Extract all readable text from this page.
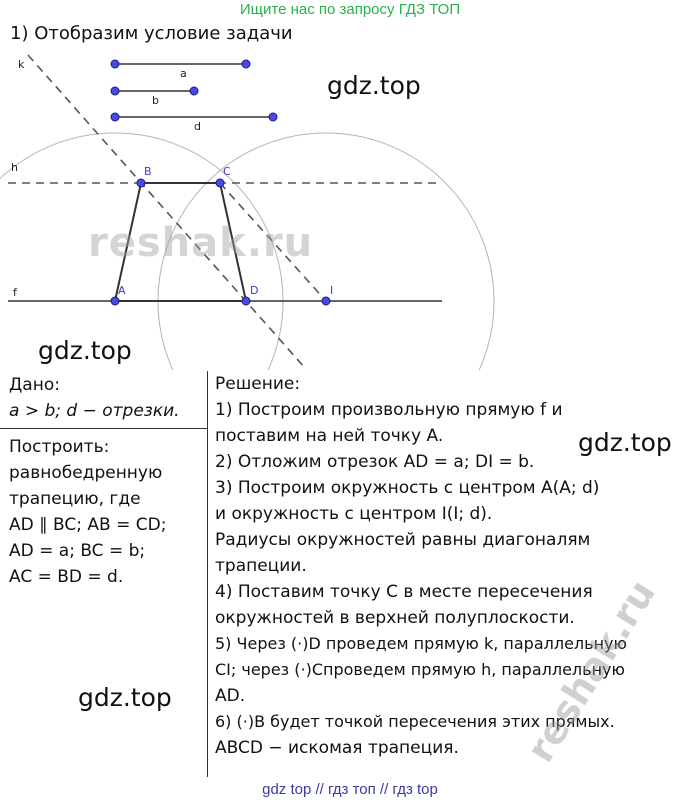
Ищите нас по запросу ГДЗ ТОП
1) Отобразим условие задачи
a
b
d
k
h
f
B	C
A	D	I
reshak.ru
gdz.top
gdz.top
Дано:
a > b; d − отрезки.
Построить:
равнобедренную
трапецию, где
AD ∥ BC; AB = CD;
AD = a; BC = b;
AC = BD = d.
Решение:
1) Построим произвольную прямую f и
поставим на ней точку A.
2) Отложим отрезок AD = a; DI = b.
3) Построим окружность с центром A(A; d)
и окружность с центром I(I; d).
Радиусы окружностей равны диагоналям
трапеции.
4) Поставим точку C в месте пересечения
окружностей в верхней полуплоскости.
5) Через (·)D проведем прямую k, параллельную
CI; через (·)Cпроведем прямую h, параллельную
AD.
6) (·)B будет точкой пересечения этих прямых.
ABCD − искомая трапеция.
gdz.top
gdz.top	reshak.ru
gdz top // гдз топ // гдз top
